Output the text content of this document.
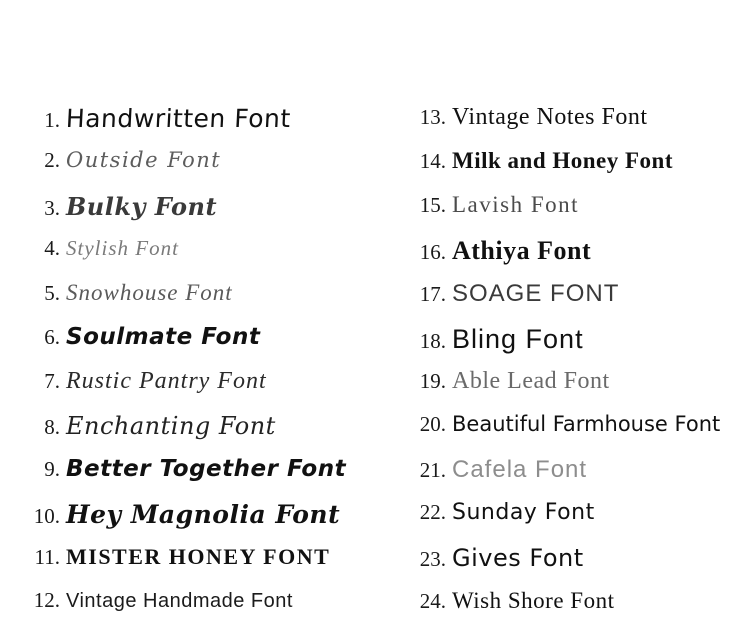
1. Handwritten Font
2. Outside Font
3. Bulky Font
4. Stylish Font
5. Snowhouse Font
6. Soulmate Font
7. Rustic Pantry Font
8. Enchanting Font
9. Better Together Font
10. Hey Magnolia Font
11. MISTER HONEY FONT
12. Vintage Handmade Font
13. Vintage Notes Font
14. Milk and Honey Font
15. Lavish Font
16. Athiya Font
17. SOAGE FONT
18. Bling Font
19. Able Lead Font
20. Beautiful Farmhouse Font
21. Cafela Font
22. Sunday Font
23. Gives Font
24. Wish Shore Font
